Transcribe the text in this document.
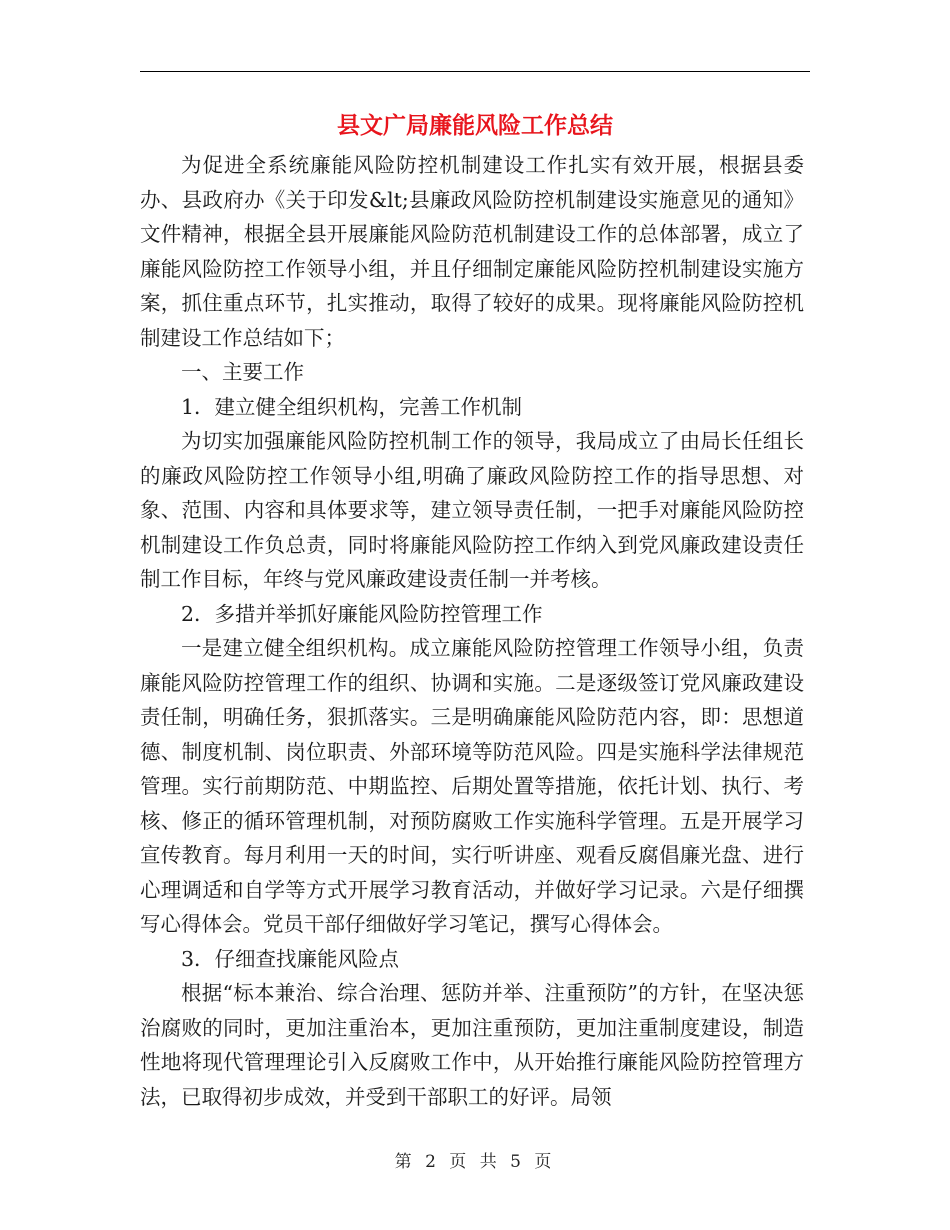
县文广局廉能风险工作总结

为促进全系统廉能风险防控机制建设工作扎实有效开展，根据县委办、县政府办《关于印发&lt;县廉政风险防控机制建设实施意见的通知》文件精神，根据全县开展廉能风险防范机制建设工作的总体部署，成立了廉能风险防控工作领导小组，并且仔细制定廉能风险防控机制建设实施方案，抓住重点环节，扎实推动，取得了较好的成果。现将廉能风险防控机制建设工作总结如下；

一、主要工作

1．建立健全组织机构，完善工作机制

为切实加强廉能风险防控机制工作的领导，我局成立了由局长任组长的廉政风险防控工作领导小组,明确了廉政风险防控工作的指导思想、对象、范围、内容和具体要求等，建立领导责任制，一把手对廉能风险防控机制建设工作负总责，同时将廉能风险防控工作纳入到党风廉政建设责任制工作目标，年终与党风廉政建设责任制一并考核。

2．多措并举抓好廉能风险防控管理工作

一是建立健全组织机构。成立廉能风险防控管理工作领导小组，负责廉能风险防控管理工作的组织、协调和实施。二是逐级签订党风廉政建设责任制，明确任务，狠抓落实。三是明确廉能风险防范内容，即：思想道德、制度机制、岗位职责、外部环境等防范风险。四是实施科学法律规范管理。实行前期防范、中期监控、后期处置等措施，依托计划、执行、考核、修正的循环管理机制，对预防腐败工作实施科学管理。五是开展学习宣传教育。每月利用一天的时间，实行听讲座、观看反腐倡廉光盘、进行心理调适和自学等方式开展学习教育活动，并做好学习记录。六是仔细撰写心得体会。党员干部仔细做好学习笔记，撰写心得体会。

3．仔细查找廉能风险点

根据“标本兼治、综合治理、惩防并举、注重预防”的方针，在坚决惩治腐败的同时，更加注重治本，更加注重预防，更加注重制度建设，制造性地将现代管理理论引入反腐败工作中，从开始推行廉能风险防控管理方法，已取得初步成效，并受到干部职工的好评。局领

第 2 页 共 5 页
